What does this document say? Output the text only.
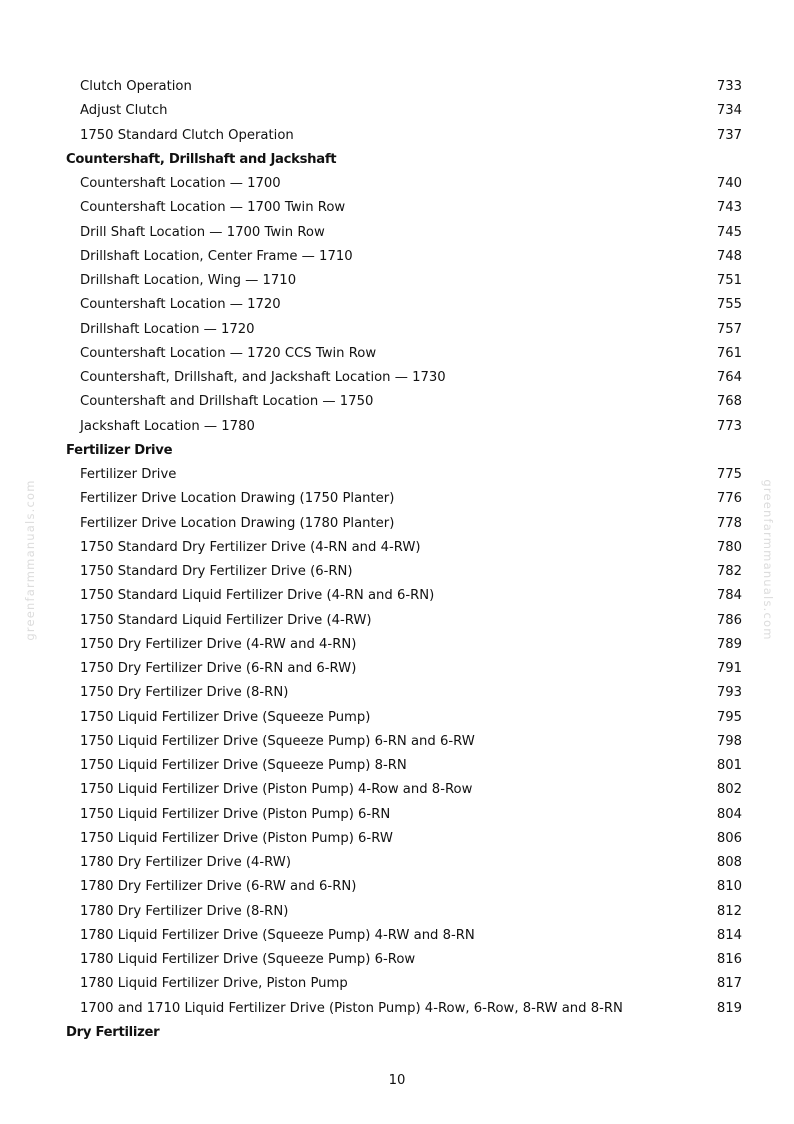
greenfarmmanuals.com	greenfarmmanuals.com
Clutch Operation	733
Adjust Clutch	734
1750 Standard Clutch Operation	737
Countershaft, Drillshaft and Jackshaft
Countershaft Location — 1700	740
Countershaft Location — 1700 Twin Row	743
Drill Shaft Location — 1700 Twin Row	745
Drillshaft Location, Center Frame — 1710	748
Drillshaft Location, Wing — 1710	751
Countershaft Location — 1720	755
Drillshaft Location — 1720	757
Countershaft Location — 1720 CCS Twin Row	761
Countershaft, Drillshaft, and Jackshaft Location — 1730	764
Countershaft and Drillshaft Location — 1750	768
Jackshaft Location — 1780	773
Fertilizer Drive
Fertilizer Drive	775
Fertilizer Drive Location Drawing (1750 Planter)	776
Fertilizer Drive Location Drawing (1780 Planter)	778
1750 Standard Dry Fertilizer Drive (4-RN and 4-RW)	780
1750 Standard Dry Fertilizer Drive (6-RN)	782
1750 Standard Liquid Fertilizer Drive (4-RN and 6-RN)	784
1750 Standard Liquid Fertilizer Drive (4-RW)	786
1750 Dry Fertilizer Drive (4-RW and 4-RN)	789
1750 Dry Fertilizer Drive (6-RN and 6-RW)	791
1750 Dry Fertilizer Drive (8-RN)	793
1750 Liquid Fertilizer Drive (Squeeze Pump)	795
1750 Liquid Fertilizer Drive (Squeeze Pump) 6-RN and 6-RW	798
1750 Liquid Fertilizer Drive (Squeeze Pump) 8-RN	801
1750 Liquid Fertilizer Drive (Piston Pump) 4-Row and 8-Row	802
1750 Liquid Fertilizer Drive (Piston Pump) 6-RN	804
1750 Liquid Fertilizer Drive (Piston Pump) 6-RW	806
1780 Dry Fertilizer Drive (4-RW)	808
1780 Dry Fertilizer Drive (6-RW and 6-RN)	810
1780 Dry Fertilizer Drive (8-RN)	812
1780 Liquid Fertilizer Drive (Squeeze Pump) 4-RW and 8-RN	814
1780 Liquid Fertilizer Drive (Squeeze Pump) 6-Row	816
1780 Liquid Fertilizer Drive, Piston Pump	817
1700 and 1710 Liquid Fertilizer Drive (Piston Pump) 4-Row, 6-Row, 8-RW and 8-RN	819
Dry Fertilizer
10
